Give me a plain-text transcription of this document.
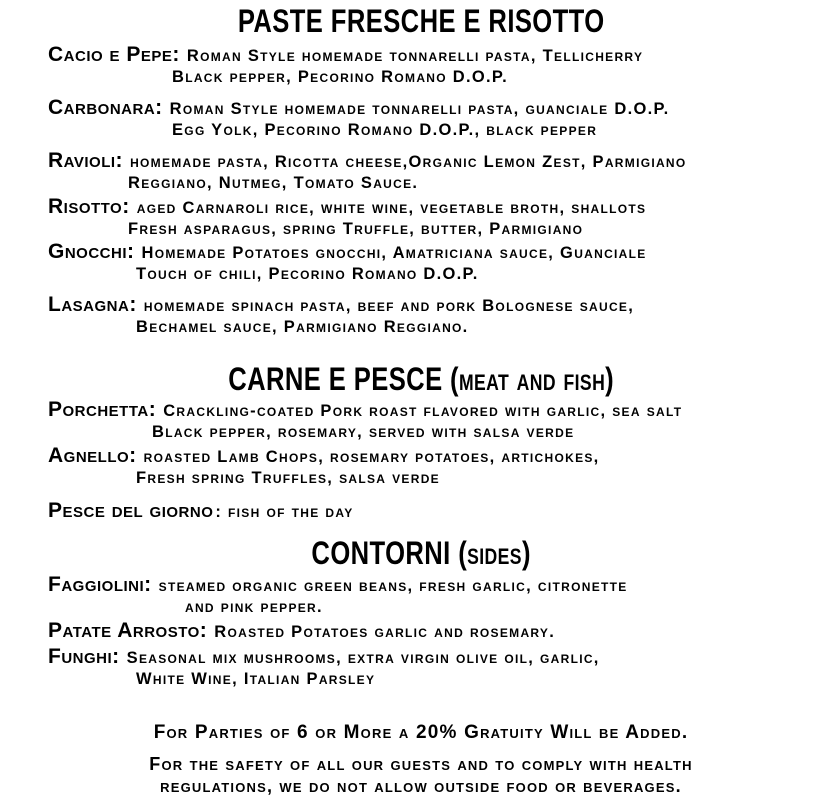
PASTE FRESCHE E RISOTTO
Cacio e Pepe: Roman Style homemade tonnarelli pasta, Tellicherry
Black pepper, Pecorino Romano D.O.P.
Carbonara: Roman Style homemade tonnarelli pasta, guanciale D.O.P.
Egg Yolk, Pecorino Romano D.O.P., black pepper
Ravioli: homemade pasta, Ricotta cheese,Organic Lemon Zest, Parmigiano
Reggiano, Nutmeg, Tomato Sauce.
Risotto: aged Carnaroli rice, white wine, vegetable broth, shallots
Fresh asparagus, spring Truffle, butter, Parmigiano
Gnocchi: Homemade Potatoes gnocchi, Amatriciana sauce, Guanciale
Touch of chili, Pecorino Romano D.O.P.
Lasagna: homemade spinach pasta, beef and pork Bolognese sauce,
Bechamel sauce, Parmigiano Reggiano.
CARNE E PESCE (meat and fish)
Porchetta: Crackling-coated Pork roast flavored with garlic, sea salt
Black pepper, rosemary, served with salsa verde
Agnello: roasted Lamb Chops, rosemary potatoes, artichokes,
Fresh spring Truffles, salsa verde
Pesce del giorno : fish of the day
CONTORNI (sides)
Faggiolini: steamed organic green beans, fresh garlic, citronette
and pink pepper.
Patate Arrosto: Roasted Potatoes garlic and rosemary.
Funghi: Seasonal mix mushrooms, extra virgin olive oil, garlic,
White Wine, Italian Parsley
For Parties of 6 or More a 20% Gratuity Will be Added.
For the safety of all our guests and to comply with health
regulations, we do not allow outside food or beverages.
